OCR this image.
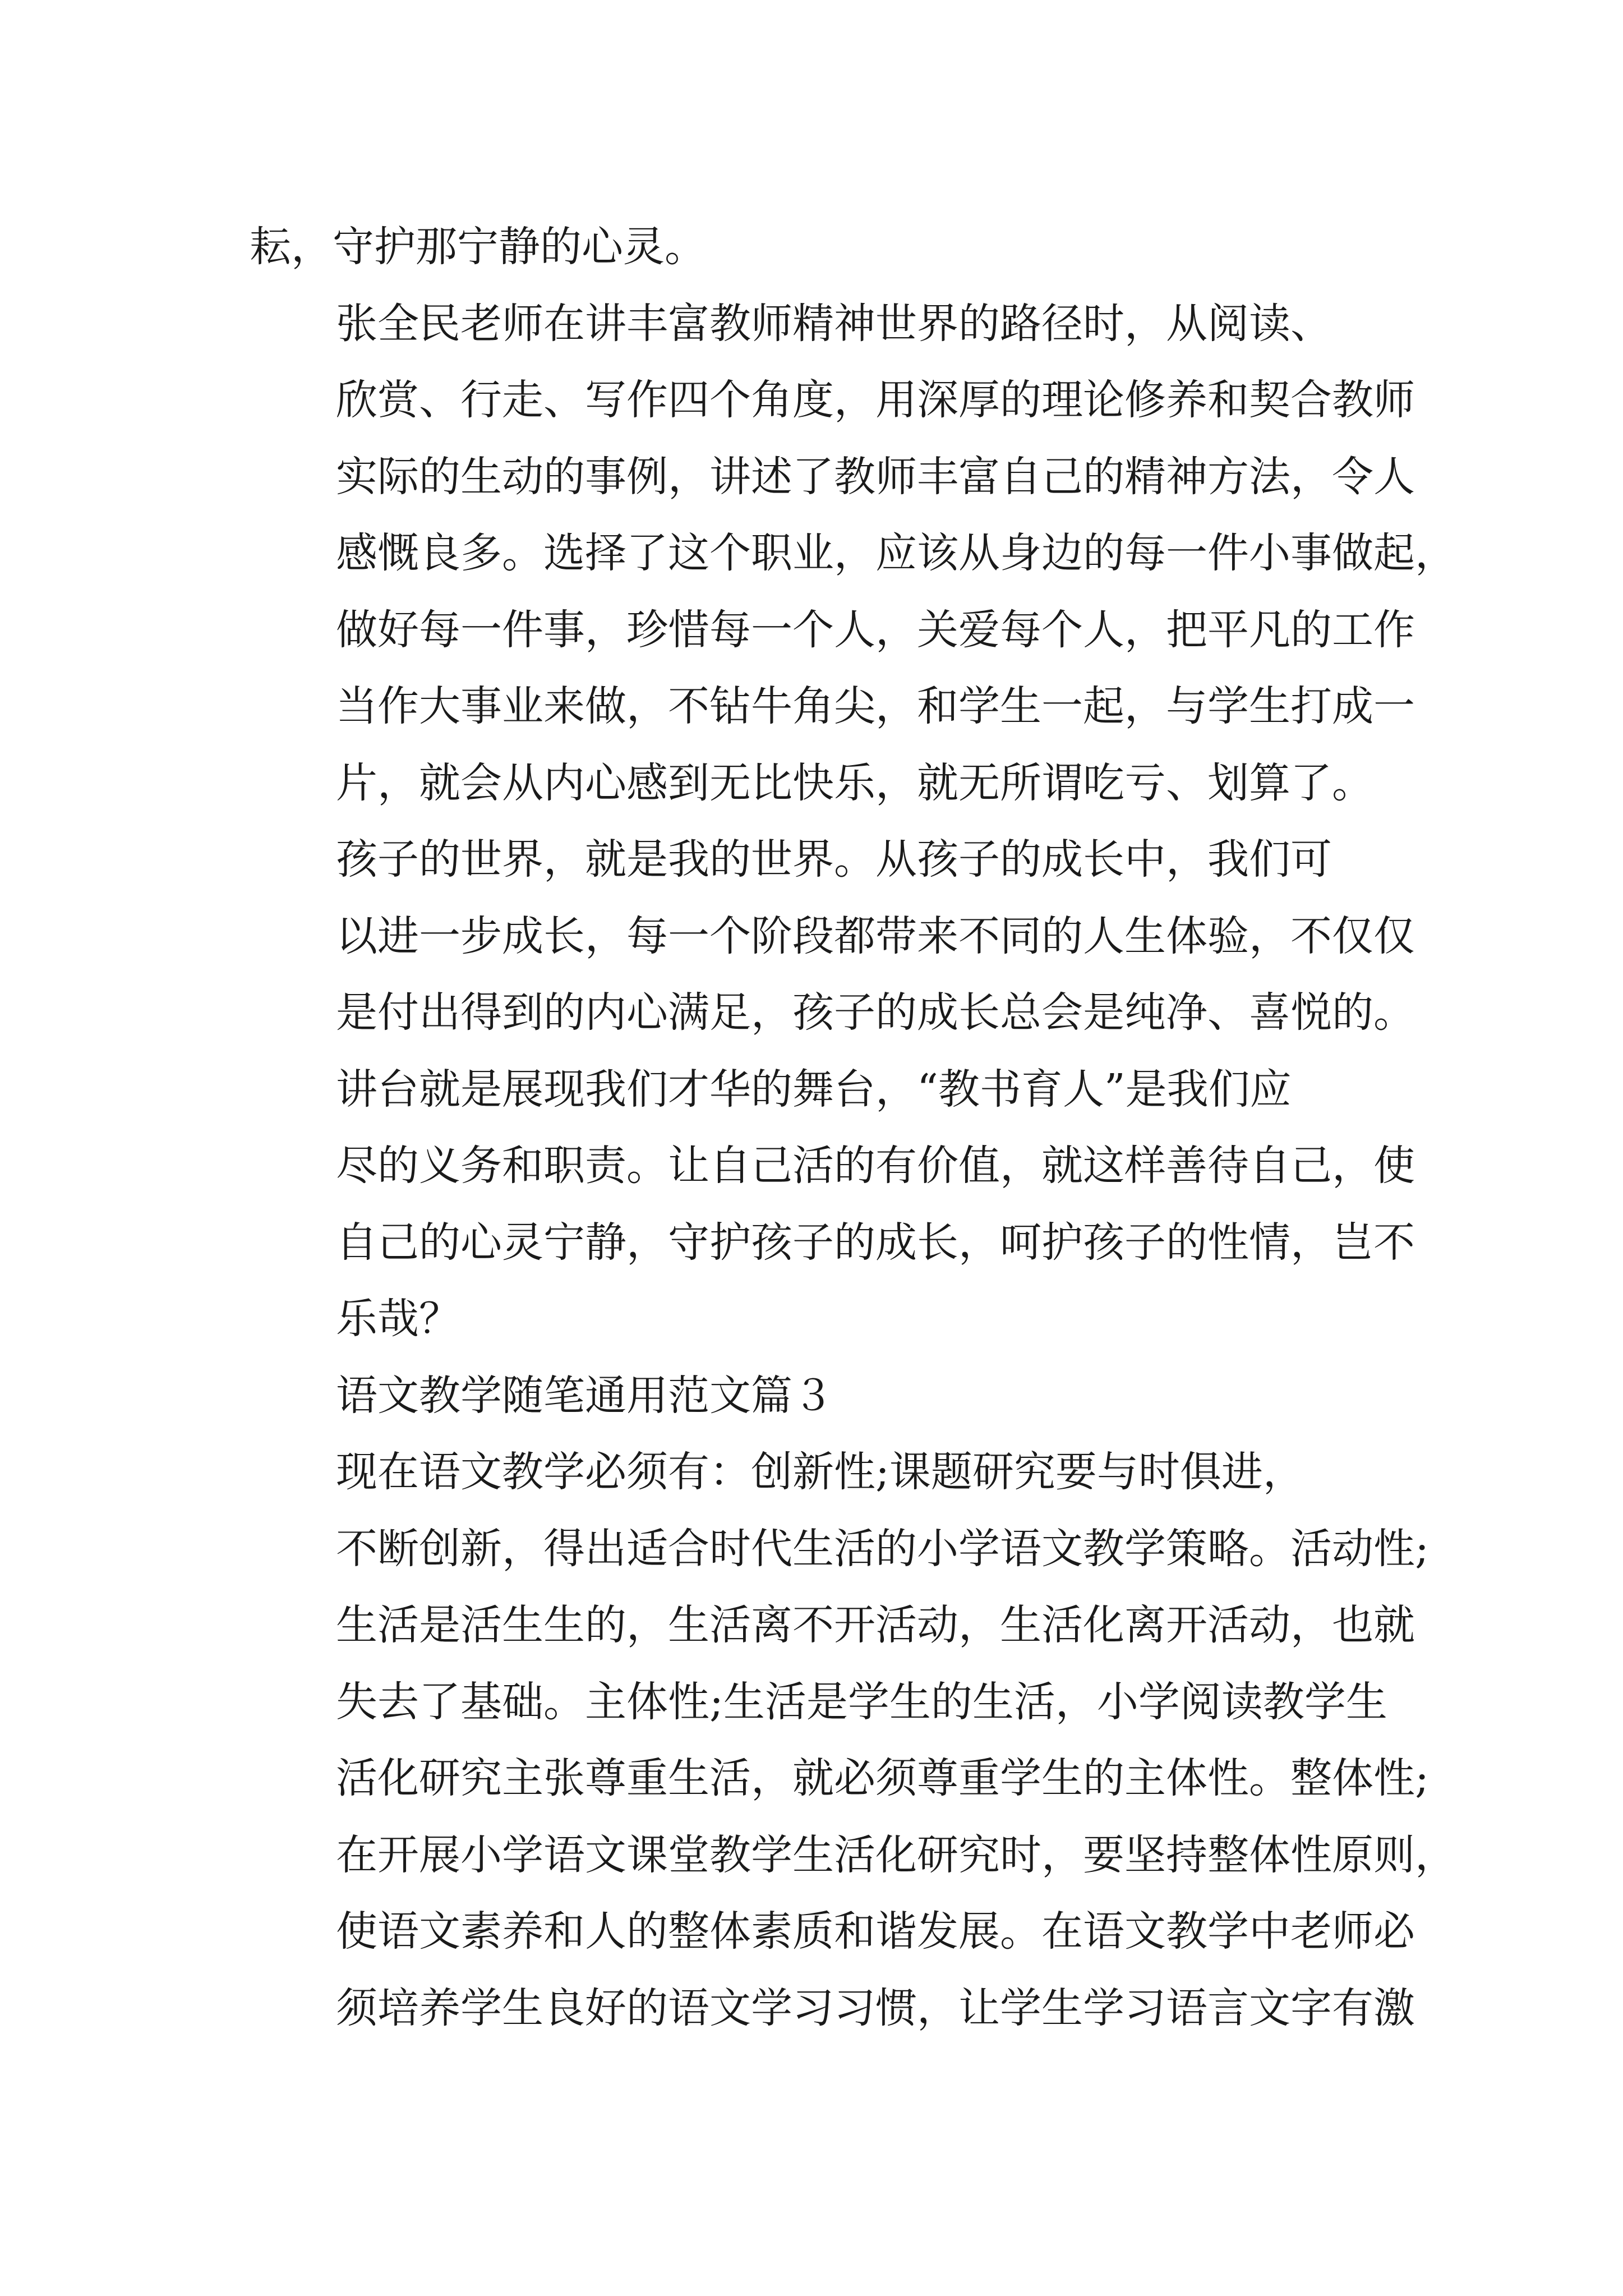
耘，守护那宁静的心灵。

张全民老师在讲丰富教师精神世界的路径时，从阅读、
欣赏、行走、写作四个角度，用深厚的理论修养和契合教师
实际的生动的事例，讲述了教师丰富自己的精神方法，令人
感慨良多。选择了这个职业，应该从身边的每一件小事做起，
做好每一件事，珍惜每一个人，关爱每个人，把平凡的工作
当作大事业来做，不钻牛角尖，和学生一起，与学生打成一
片，就会从内心感到无比快乐，就无所谓吃亏、划算了。

孩子的世界，就是我的世界。从孩子的成长中，我们可
以进一步成长，每一个阶段都带来不同的人生体验，不仅仅
是付出得到的内心满足，孩子的成长总会是纯净、喜悦的。

讲台就是展现我们才华的舞台，“教书育人”是我们应
尽的义务和职责。让自己活的有价值，就这样善待自己，使
自己的心灵宁静，守护孩子的成长，呵护孩子的性情，岂不
乐哉？

语文教学随笔通用范文篇３

现在语文教学必须有：创新性;课题研究要与时俱进，
不断创新，得出适合时代生活的小学语文教学策略。活动性;
生活是活生生的，生活离不开活动，生活化离开活动，也就
失去了基础。主体性;生活是学生的生活，小学阅读教学生
活化研究主张尊重生活，就必须尊重学生的主体性。整体性;
在开展小学语文课堂教学生活化研究时，要坚持整体性原则，
使语文素养和人的整体素质和谐发展。在语文教学中老师必
须培养学生良好的语文学习习惯，让学生学习语言文字有激
